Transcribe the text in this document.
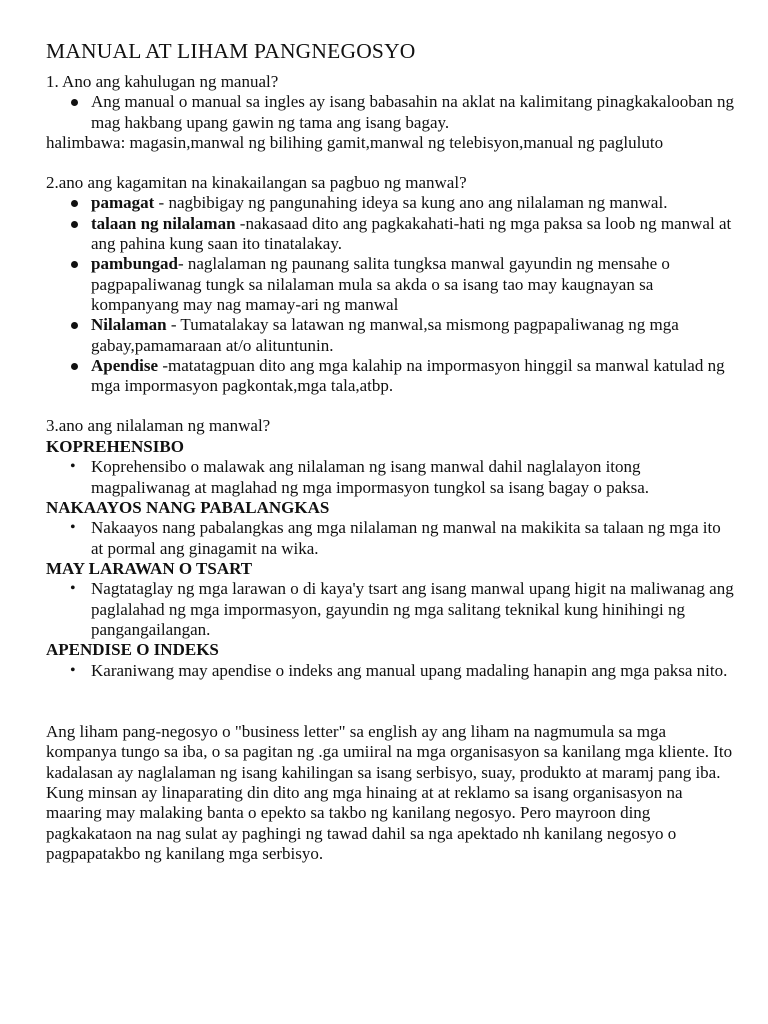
MANUAL AT LIHAM PANGNEGOSYO

1. Ano ang kahulugan ng manual?

Ang manual o manual sa ingles ay isang babasahin na aklat na kalimitang pinagkakalooban ng mag hakbang upang gawin ng tama ang isang bagay.

halimbawa: magasin,manwal ng bilihing gamit,manwal ng telebisyon,manual ng pagluluto

2.ano ang kagamitan na kinakailangan sa pagbuo ng manwal?

pamagat - nagbibigay ng pangunahing ideya sa kung ano ang nilalaman ng manwal.
talaan ng nilalaman -nakasaad dito ang pagkakahati-hati ng mga paksa sa loob ng manwal at ang pahina kung saan ito tinatalakay.
pambungad- naglalaman ng paunang salita tungksa manwal gayundin ng mensahe o pagpapaliwanag tungk sa nilalaman mula sa akda o sa isang tao may kaugnayan sa kompanyang may nag mamay-ari ng manwal
Nilalaman - Tumatalakay sa latawan ng manwal,sa mismong pagpapaliwanag ng mga gabay,pamamaraan at/o alituntunin.
Apendise -matatagpuan dito ang mga kalahip na impormasyon hinggil sa manwal katulad ng mga impormasyon pagkontak,mga tala,atbp.

3.ano ang nilalaman ng manwal?

KOPREHENSIBO

Koprehensibo o malawak ang nilalaman ng isang manwal dahil naglalayon itong magpaliwanag at maglahad ng mga impormasyon tungkol sa isang bagay o paksa.

NAKAAYOS NANG PABALANGKAS

Nakaayos nang pabalangkas ang mga nilalaman ng manwal na makikita sa talaan ng mga ito at pormal ang ginagamit na wika.

MAY LARAWAN O TSART

Nagtataglay ng mga larawan o di kaya'y tsart ang isang manwal upang higit na maliwanag ang paglalahad ng mga impormasyon, gayundin ng mga salitang teknikal kung hinihingi ng pangangailangan.

APENDISE O INDEKS

Karaniwang may apendise o indeks ang manual upang madaling hanapin ang mga paksa nito.

Ang liham pang-negosyo o "business letter" sa english ay ang liham na nagmumula sa mga kompanya tungo sa iba, o sa pagitan ng .ga umiiral na mga organisasyon sa kanilang mga kliente. Ito kadalasan ay naglalaman ng isang kahilingan sa isang serbisyo, suay, produkto at maramj pang iba. Kung minsan ay linaparating din dito ang mga hinaing at at reklamo sa isang organisasyon na maaring may malaking banta o epekto sa takbo ng kanilang negosyo. Pero mayroon ding pagkakataon na nag sulat ay paghingi ng tawad dahil sa nga apektado nh kanilang negosyo o pagpapatakbo ng kanilang mga serbisyo.
